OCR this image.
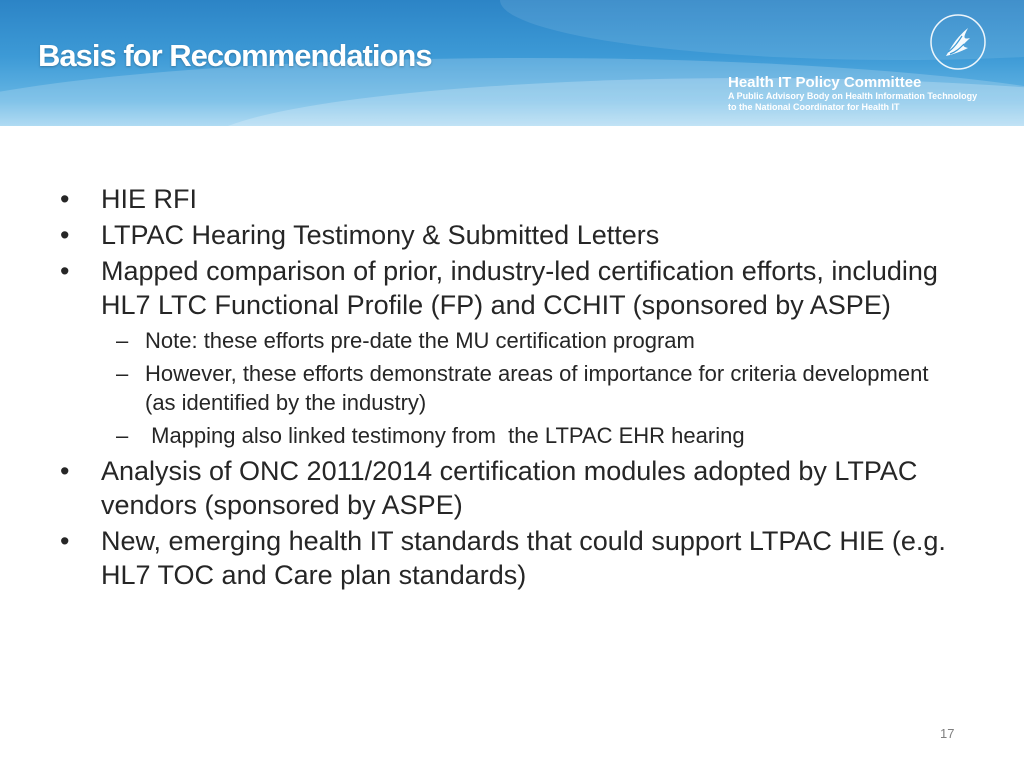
Basis for Recommendations
Health IT Policy Committee
A Public Advisory Body on Health Information Technology
to the National Coordinator for Health IT
•	HIE RFI
•	LTPAC Hearing Testimony & Submitted Letters
•	Mapped comparison of prior, industry-led certification efforts, including HL7 LTC Functional Profile (FP) and CCHIT (sponsored by ASPE)
– Note: these efforts pre-date the MU certification program
– However, these efforts demonstrate areas of importance for criteria development (as identified by the industry)
– Mapping also linked testimony from  the LTPAC EHR hearing
•	Analysis of ONC 2011/2014 certification modules adopted by LTPAC vendors (sponsored by ASPE)
•	New, emerging health IT standards that could support LTPAC HIE (e.g. HL7 TOC and Care plan standards)
17
